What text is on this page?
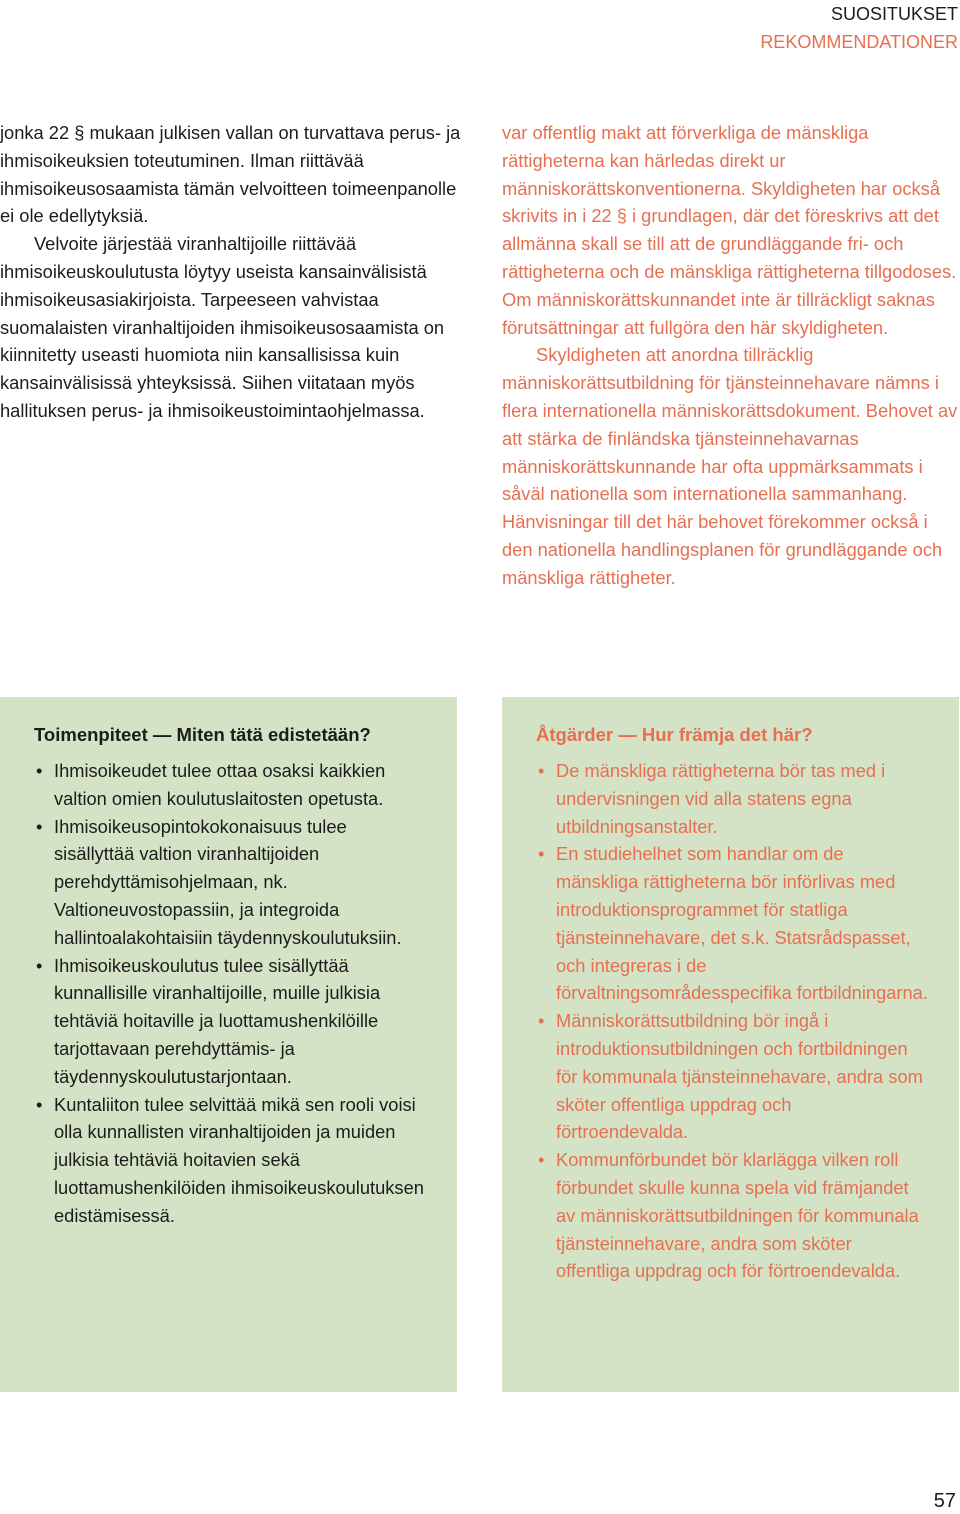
SUOSITUKSET
REKOMMENDATIONER

jonka 22 § mukaan julkisen vallan on turvattava perus- ja ihmisoikeuksien toteutuminen. Ilman riittävää ihmisoikeusosaamista tämän velvoitteen toimeenpanolle ei ole edellytyksiä.

Velvoite järjestää viranhaltijoille riittävää ihmisoikeuskoulutusta löytyy useista kansainvälisistä ihmisoikeusasiakirjoista. Tarpeeseen vahvistaa suomalaisten viranhaltijoiden ihmisoikeusosaamista on kiinnitetty useasti huomiota niin kansallisissa kuin kansainvälisissä yhteyksissä. Siihen viitataan myös hallituksen perus- ja ihmisoikeustoimintaohjelmassa.

var offentlig makt att förverkliga de mänskliga rättigheterna kan härledas direkt ur människorättskonventionerna. Skyldigheten har också skrivits in i 22 § i grundlagen, där det föreskrivs att det allmänna skall se till att de grundläggande fri- och rättigheterna och de mänskliga rättigheterna tillgodoses. Om människorättskunnandet inte är tillräckligt saknas förutsättningar att fullgöra den här skyldigheten.

Skyldigheten att anordna tillräcklig människorättsutbildning för tjänsteinnehavare nämns i flera internationella människorättsdokument. Behovet av att stärka de finländska tjänsteinnehavarnas människorättskunnande har ofta uppmärksammats i såväl nationella som internationella sammanhang. Hänvisningar till det här behovet förekommer också i den nationella handlingsplanen för grundläggande och mänskliga rättigheter.

Toimenpiteet — Miten tätä edistetään?
• Ihmisoikeudet tulee ottaa osaksi kaikkien valtion omien koulutuslaitosten opetusta.
• Ihmisoikeusopintokokonaisuus tulee sisällyttää valtion viranhaltijoiden perehdyttämisohjelmaan, nk. Valtioneuvostopassiin, ja integroida hallintoalakohtaisiin täydennyskoulutuksiin.
• Ihmisoikeuskoulutus tulee sisällyttää kunnallisille viranhaltijoille, muille julkisia tehtäviä hoitaville ja luottamushenkilöille tarjottavaan perehdyttämis- ja täydennyskoulutustarjontaan.
• Kuntaliiton tulee selvittää mikä sen rooli voisi olla kunnallisten viranhaltijoiden ja muiden julkisia tehtäviä hoitavien sekä luottamushenkilöiden ihmisoikeuskoulutuksen edistämisessä.
Åtgärder — Hur främja det här?
• De mänskliga rättigheterna bör tas med i undervisningen vid alla statens egna utbildningsanstalter.
• En studiehelhet som handlar om de mänskliga rättigheterna bör införlivas med introduktionsprogrammet för statliga tjänsteinnehavare, det s.k. Statsrådspasset, och integreras i de förvaltningsområdesspecifika fortbildningarna.
• Människorättsutbildning bör ingå i introduktionsutbildningen och fortbildningen för kommunala tjänsteinnehavare, andra som sköter offentliga uppdrag och förtroendevalda.
• Kommunförbundet bör klarlägga vilken roll förbundet skulle kunna spela vid främjandet av människorättsutbildningen för kommunala tjänsteinnehavare, andra som sköter offentliga uppdrag och för förtroendevalda.
57
